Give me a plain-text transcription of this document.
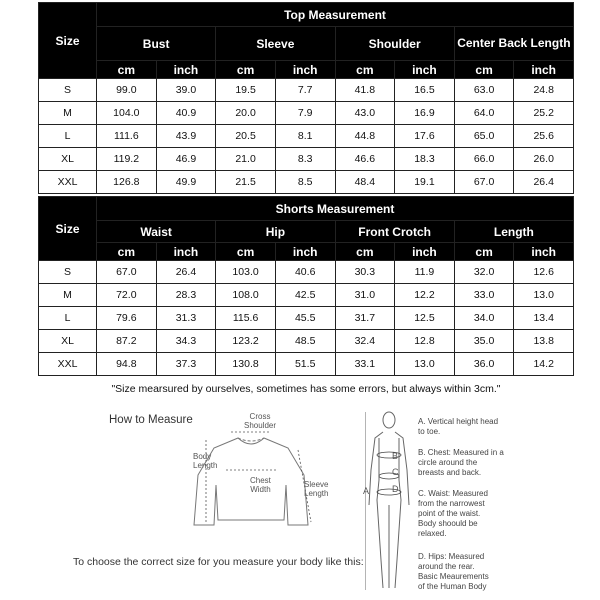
Size	Top Measurement							
	Bust		Sleeve		Shoulder		Center Back Length	
	cm	inch	cm	inch	cm	inch	cm	inch
S	99.0	39.0	19.5	7.7	41.8	16.5	63.0	24.8
M	104.0	40.9	20.0	7.9	43.0	16.9	64.0	25.2
L	111.6	43.9	20.5	8.1	44.8	17.6	65.0	25.6
XL	119.2	46.9	21.0	8.3	46.6	18.3	66.0	26.0
XXL	126.8	49.9	21.5	8.5	48.4	19.1	67.0	26.4
Size	Shorts Measurement							
	Waist		Hip		Front Crotch		Length	
	cm	inch	cm	inch	cm	inch	cm	inch
S	67.0	26.4	103.0	40.6	30.3	11.9	32.0	12.6
M	72.0	28.3	108.0	42.5	31.0	12.2	33.0	13.0
L	79.6	31.3	115.6	45.5	31.7	12.5	34.0	13.4
XL	87.2	34.3	123.2	48.5	32.4	12.8	35.0	13.8
XXL	94.8	37.3	130.8	51.5	33.1	13.0	36.0	14.2
"Size mearsured by ourselves, sometimes has some errors, but always within 3cm."
How to Measure	Cross
Shoulder
Body
Length
Chest
Width
Sleeve
Length
To choose the correct size for you measure your body like this:
A
B
C
D
A. Vertical height head
to toe.
B. Chest: Measured in a
circle around the
breasts and back.
C. Waist: Measured
from the narrowest
point of the waist.
Body shoould be
relaxed.
D. Hips: Measured
around the rear.
Basic Meaurements
of the Human Body
